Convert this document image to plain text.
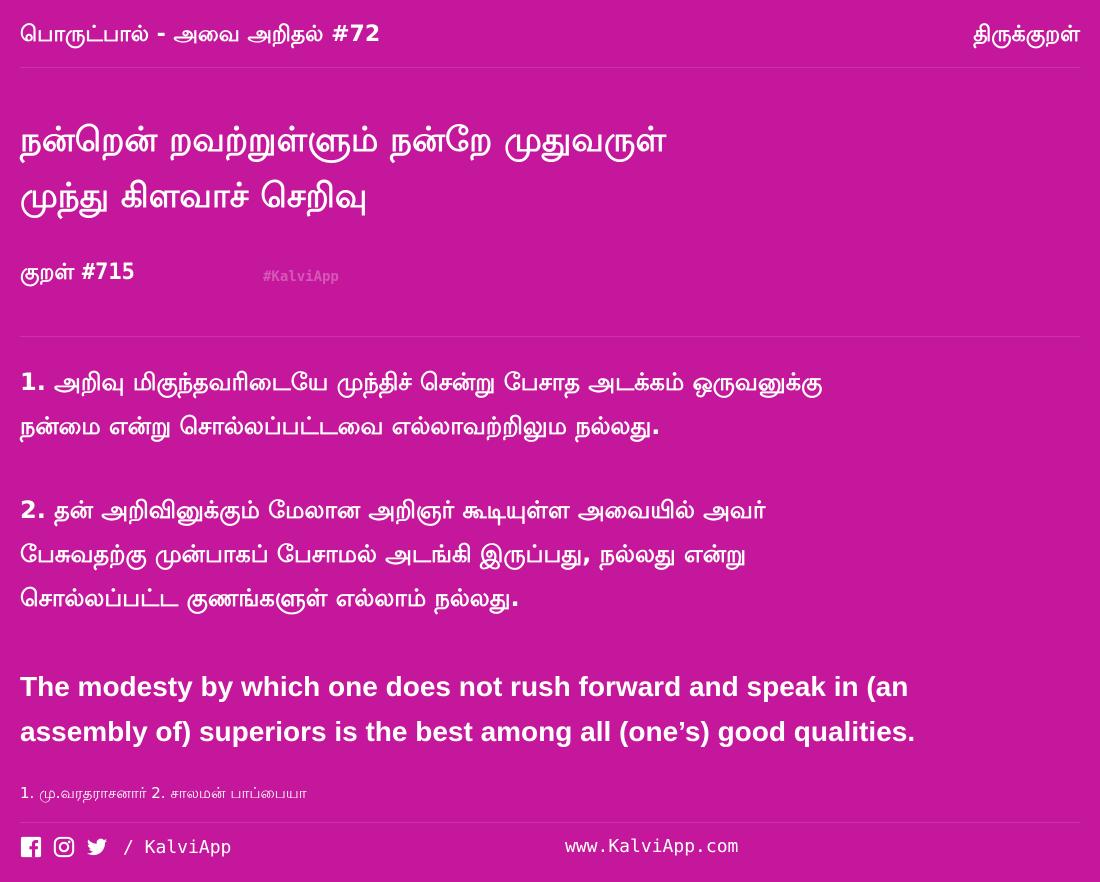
பொருட்பால் - அவை அறிதல் #72	திருக்குறள்
நன்றென் றவற்றுள்ளும் நன்றே முதுவருள்
முந்து கிளவாச் செறிவு
குறள் #715	#KalviApp
1. அறிவு மிகுந்தவரிடையே முந்திச் சென்று பேசாத அடக்கம் ஒருவனுக்கு
நன்மை என்று சொல்லப்பட்டவை எல்லாவற்றிலும நல்லது.
2. தன் அறிவினுக்கும் மேலான அறிஞர் கூடியுள்ள அவையில் அவர்
பேசுவதற்கு முன்பாகப் பேசாமல் அடங்கி இருப்பது, நல்லது என்று
சொல்லப்பட்ட குணங்களுள் எல்லாம் நல்லது.
The modesty by which one does not rush forward and speak in (an
assembly of) superiors is the best among all (one’s) good qualities.
1. மு.வரதராசனார் 2. சாலமன் பாப்பையா
/ KalviApp	www.KalviApp.com
